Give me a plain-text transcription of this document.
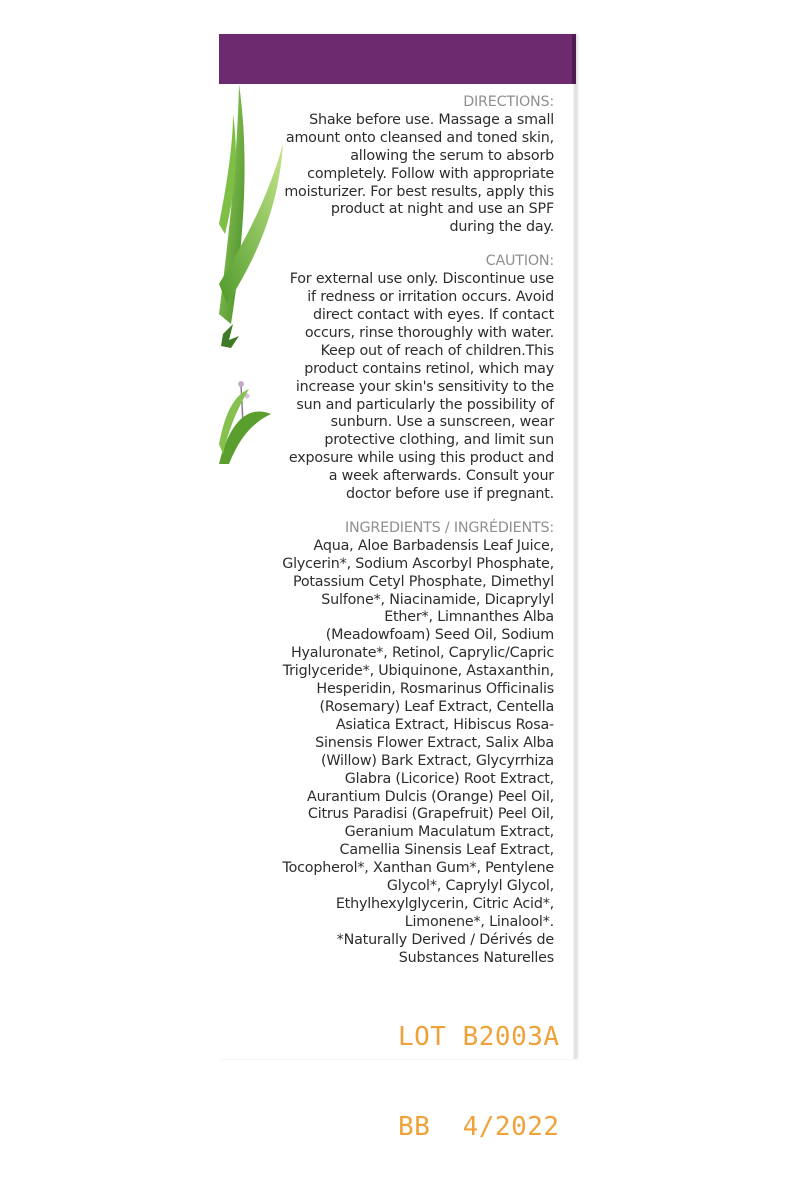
LOT B2003A

BB  4/2022

DIRECTIONS:

Shake before use. Massage a small amount onto cleansed and toned skin, allowing the serum to absorb completely. Follow with appropriate moisturizer. For best results, apply this product at night and use an SPF during the day.

CAUTION:

For external use only. Discontinue use if redness or irritation occurs. Avoid direct contact with eyes. If contact occurs, rinse thoroughly with water. Keep out of reach of children.This product contains retinol, which may increase your skin's sensitivity to the sun and particularly the possibility of sunburn. Use a sunscreen, wear protective clothing, and limit sun exposure while using this product and a week afterwards. Consult your doctor before use if pregnant.

INGREDIENTS / INGRÉDIENTS:

Aqua, Aloe Barbadensis Leaf Juice, Glycerin*, Sodium Ascorbyl Phosphate, Potassium Cetyl Phosphate, Dimethyl Sulfone*, Niacinamide, Dicaprylyl Ether*, Limnanthes Alba (Meadowfoam) Seed Oil, Sodium Hyaluronate*, Retinol, Caprylic/Capric Triglyceride*, Ubiquinone, Astaxanthin, Hesperidin, Rosmarinus Officinalis (Rosemary) Leaf Extract, Centella Asiatica Extract, Hibiscus Rosa-Sinensis Flower Extract, Salix Alba (Willow) Bark Extract, Glycyrrhiza Glabra (Licorice) Root Extract, Aurantium Dulcis (Orange) Peel Oil, Citrus Paradisi (Grapefruit) Peel Oil, Geranium Maculatum Extract, Camellia Sinensis Leaf Extract, Tocopherol*, Xanthan Gum*, Pentylene Glycol*, Caprylyl Glycol, Ethylhexylglycerin, Citric Acid*, Limonene*, Linalool*.

*Naturally Derived / Dérivés de Substances Naturelles
